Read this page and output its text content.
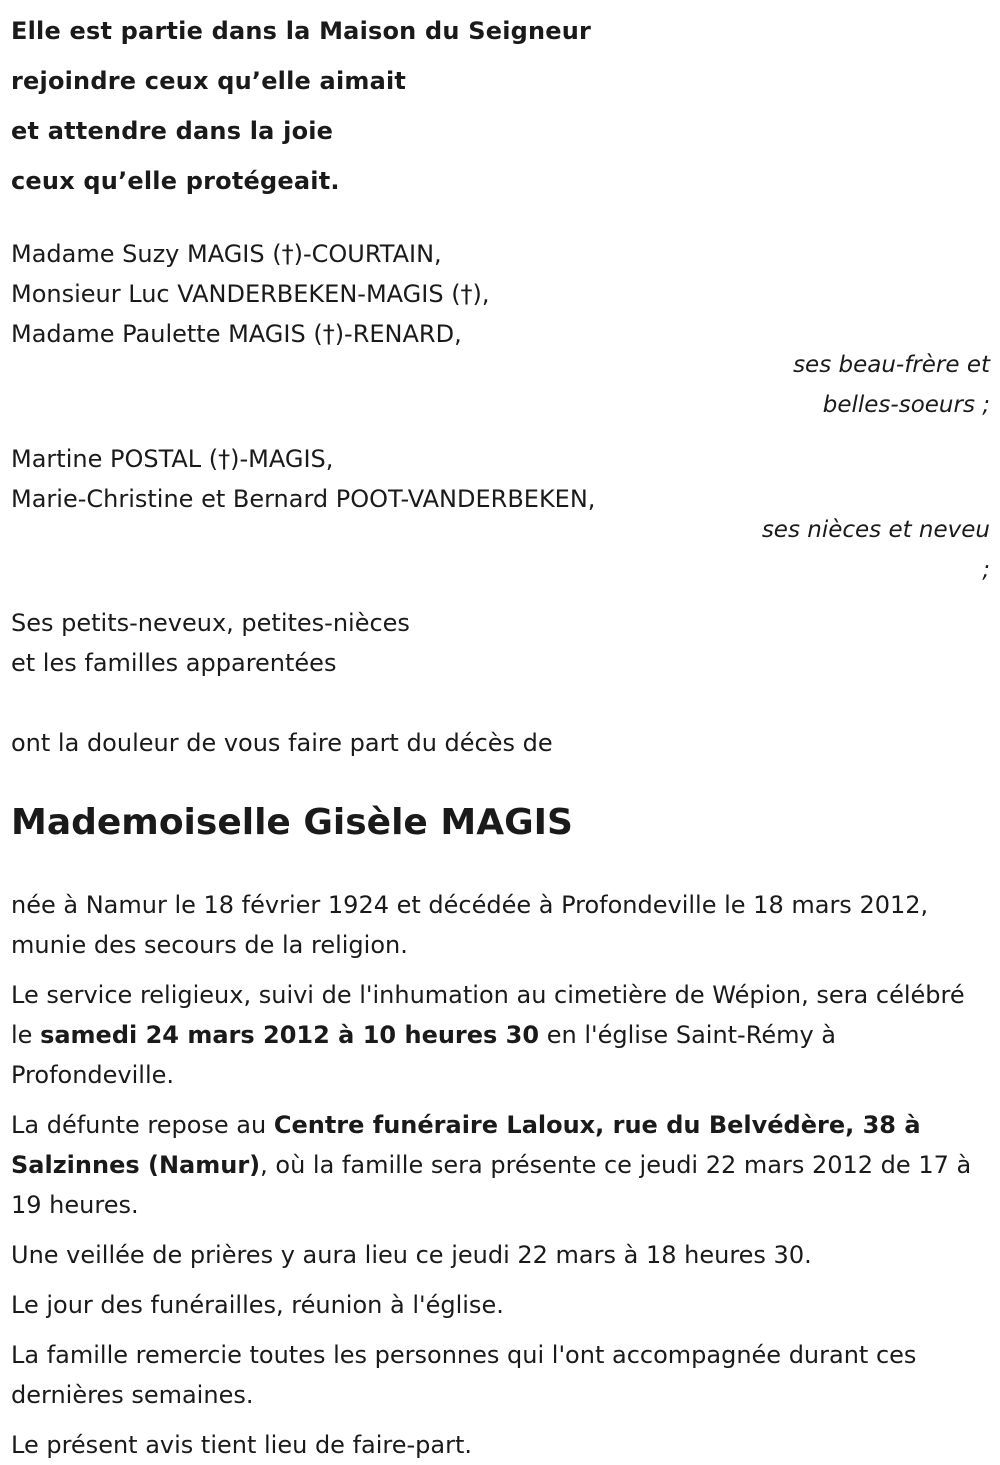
Elle est partie dans la Maison du Seigneur
rejoindre ceux qu’elle aimait
et attendre dans la joie
ceux qu’elle protégeait.
Madame Suzy MAGIS (†)-COURTAIN,
Monsieur Luc VANDERBEKEN-MAGIS (†),
Madame Paulette MAGIS (†)-RENARD,
ses beau-frère et
belles-soeurs ;
Martine POSTAL (†)-MAGIS,
Marie-Christine et Bernard POOT-VANDERBEKEN,
ses nièces et neveu
;
Ses petits-neveux, petites-nièces
et les familles apparentées

ont la douleur de vous faire part du décès de

Mademoiselle Gisèle MAGIS

née à Namur le 18 février 1924 et décédée à Profondeville le 18 mars 2012, munie des secours de la religion.

Le service religieux, suivi de l'inhumation au cimetière de Wépion, sera célébré le samedi 24 mars 2012 à 10 heures 30 en l'église Saint-Rémy à Profondeville.

La défunte repose au Centre funéraire Laloux, rue du Belvédère, 38 à Salzinnes (Namur), où la famille sera présente ce jeudi 22 mars 2012 de 17 à 19 heures.

Une veillée de prières y aura lieu ce jeudi 22 mars à 18 heures 30.

Le jour des funérailles, réunion à l'église.

La famille remercie toutes les personnes qui l'ont accompagnée durant ces dernières semaines.

Le présent avis tient lieu de faire-part.
